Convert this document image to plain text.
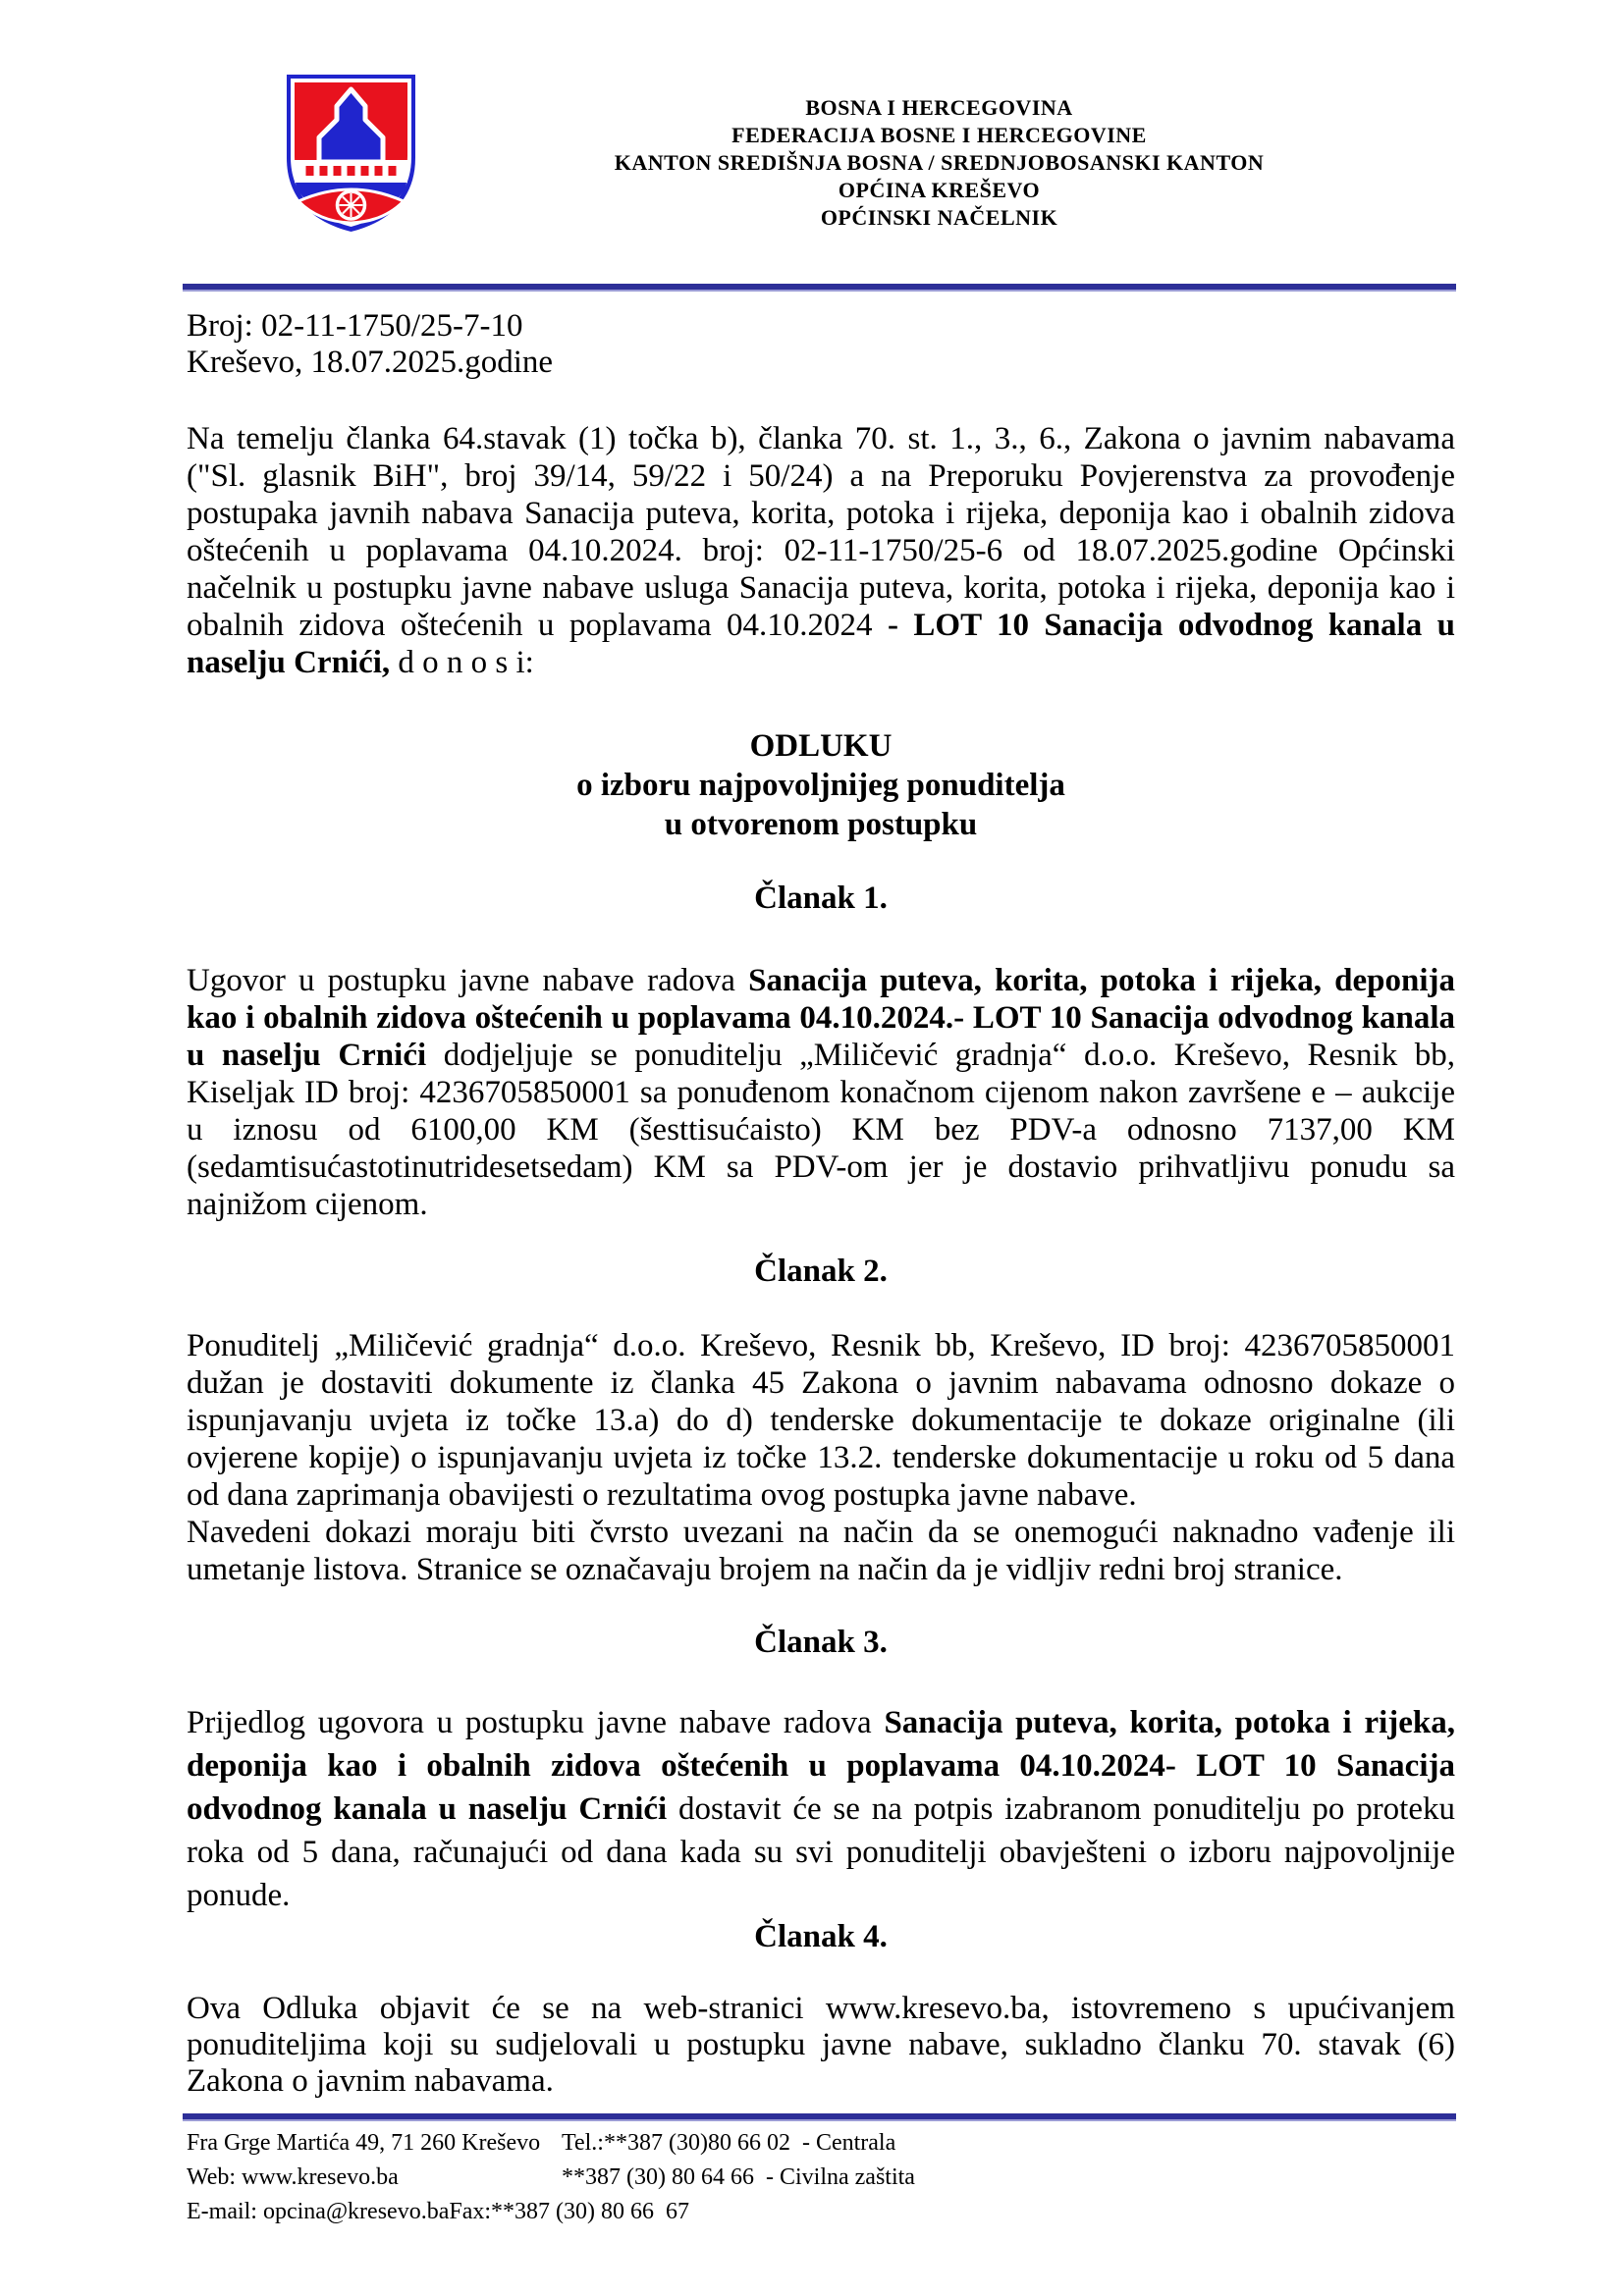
BOSNA I HERCEGOVINA
FEDERACIJA BOSNE I HERCEGOVINE
KANTON SREDIŠNJA BOSNA / SREDNJOBOSANSKI KANTON
OPĆINA KREŠEVO
OPĆINSKI NAČELNIK
Broj: 02-11-1750/25-7-10
Kreševo, 18.07.2025.godine
Na temelju članka 64.stavak (1) točka b), članka 70. st. 1., 3., 6., Zakona o javnim nabavama ("Sl. glasnik BiH", broj 39/14, 59/22 i 50/24) a na Preporuku Povjerenstva za provođenje postupaka javnih nabava Sanacija puteva, korita, potoka i rijeka, deponija kao i obalnih zidova oštećenih u poplavama 04.10.2024. broj: 02-11-1750/25-6 od 18.07.2025.godine Općinski načelnik u postupku javne nabave usluga Sanacija puteva, korita, potoka i rijeka, deponija kao i obalnih zidova oštećenih u poplavama 04.10.2024 - LOT 10 Sanacija odvodnog kanala u naselju Crnići, d o n o s i:
ODLUKU
o izboru najpovoljnijeg ponuditelja
u otvorenom postupku
Članak 1.
Ugovor u postupku javne nabave radova Sanacija puteva, korita, potoka i rijeka, deponija kao i obalnih zidova oštećenih u poplavama 04.10.2024.- LOT 10 Sanacija odvodnog kanala u naselju Crnići dodjeljuje se ponuditelju „Miličević gradnja“ d.o.o. Kreševo, Resnik bb, Kiseljak ID broj: 4236705850001 sa ponuđenom konačnom cijenom nakon završene e – aukcije u iznosu od 6100,00 KM (šesttisućaisto) KM bez PDV-a odnosno 7137,00 KM (sedamtisućastotinutridesetsedam) KM sa PDV-om jer je dostavio prihvatljivu ponudu sa najnižom cijenom.
Članak 2.

Ponuditelj „Miličević gradnja“ d.o.o. Kreševo, Resnik bb, Kreševo, ID broj: 4236705850001 dužan je dostaviti dokumente iz članka 45 Zakona o javnim nabavama odnosno dokaze o ispunjavanju uvjeta iz točke 13.a) do d) tenderske dokumentacije te dokaze originalne (ili ovjerene kopije) o ispunjavanju uvjeta iz točke 13.2. tenderske dokumentacije u roku od 5 dana od dana zaprimanja obavijesti o rezultatima ovog postupka javne nabave.

Navedeni dokazi moraju biti čvrsto uvezani na način da se onemogući naknadno vađenje ili umetanje listova. Stranice se označavaju brojem na način da je vidljiv redni broj stranice.

Članak 3.
Prijedlog ugovora u postupku javne nabave radova Sanacija puteva, korita, potoka i rijeka, deponija kao i obalnih zidova oštećenih u poplavama 04.10.2024- LOT 10 Sanacija odvodnog kanala u naselju Crnići dostavit će se na potpis izabranom ponuditelju po proteku roka od 5 dana, računajući od dana kada su svi ponuditelji obavješteni o izboru najpovoljnije ponude.
Članak 4.
Ova Odluka objavit će se na web-stranici www.kresevo.ba, istovremeno s upućivanjem ponuditeljima koji su sudjelovali u postupku javne nabave, sukladno članku 70. stavak (6) Zakona o javnim nabavama.
Fra Grge Martića 49, 71 260 Kreševo Tel.:**387 (30)80 66 02  - Centrala
Web: www.kresevo.ba	**387 (30) 80 64 66  - Civilna zaštita
E-mail: opcina@kresevo.baFax:**387 (30) 80 66  67
